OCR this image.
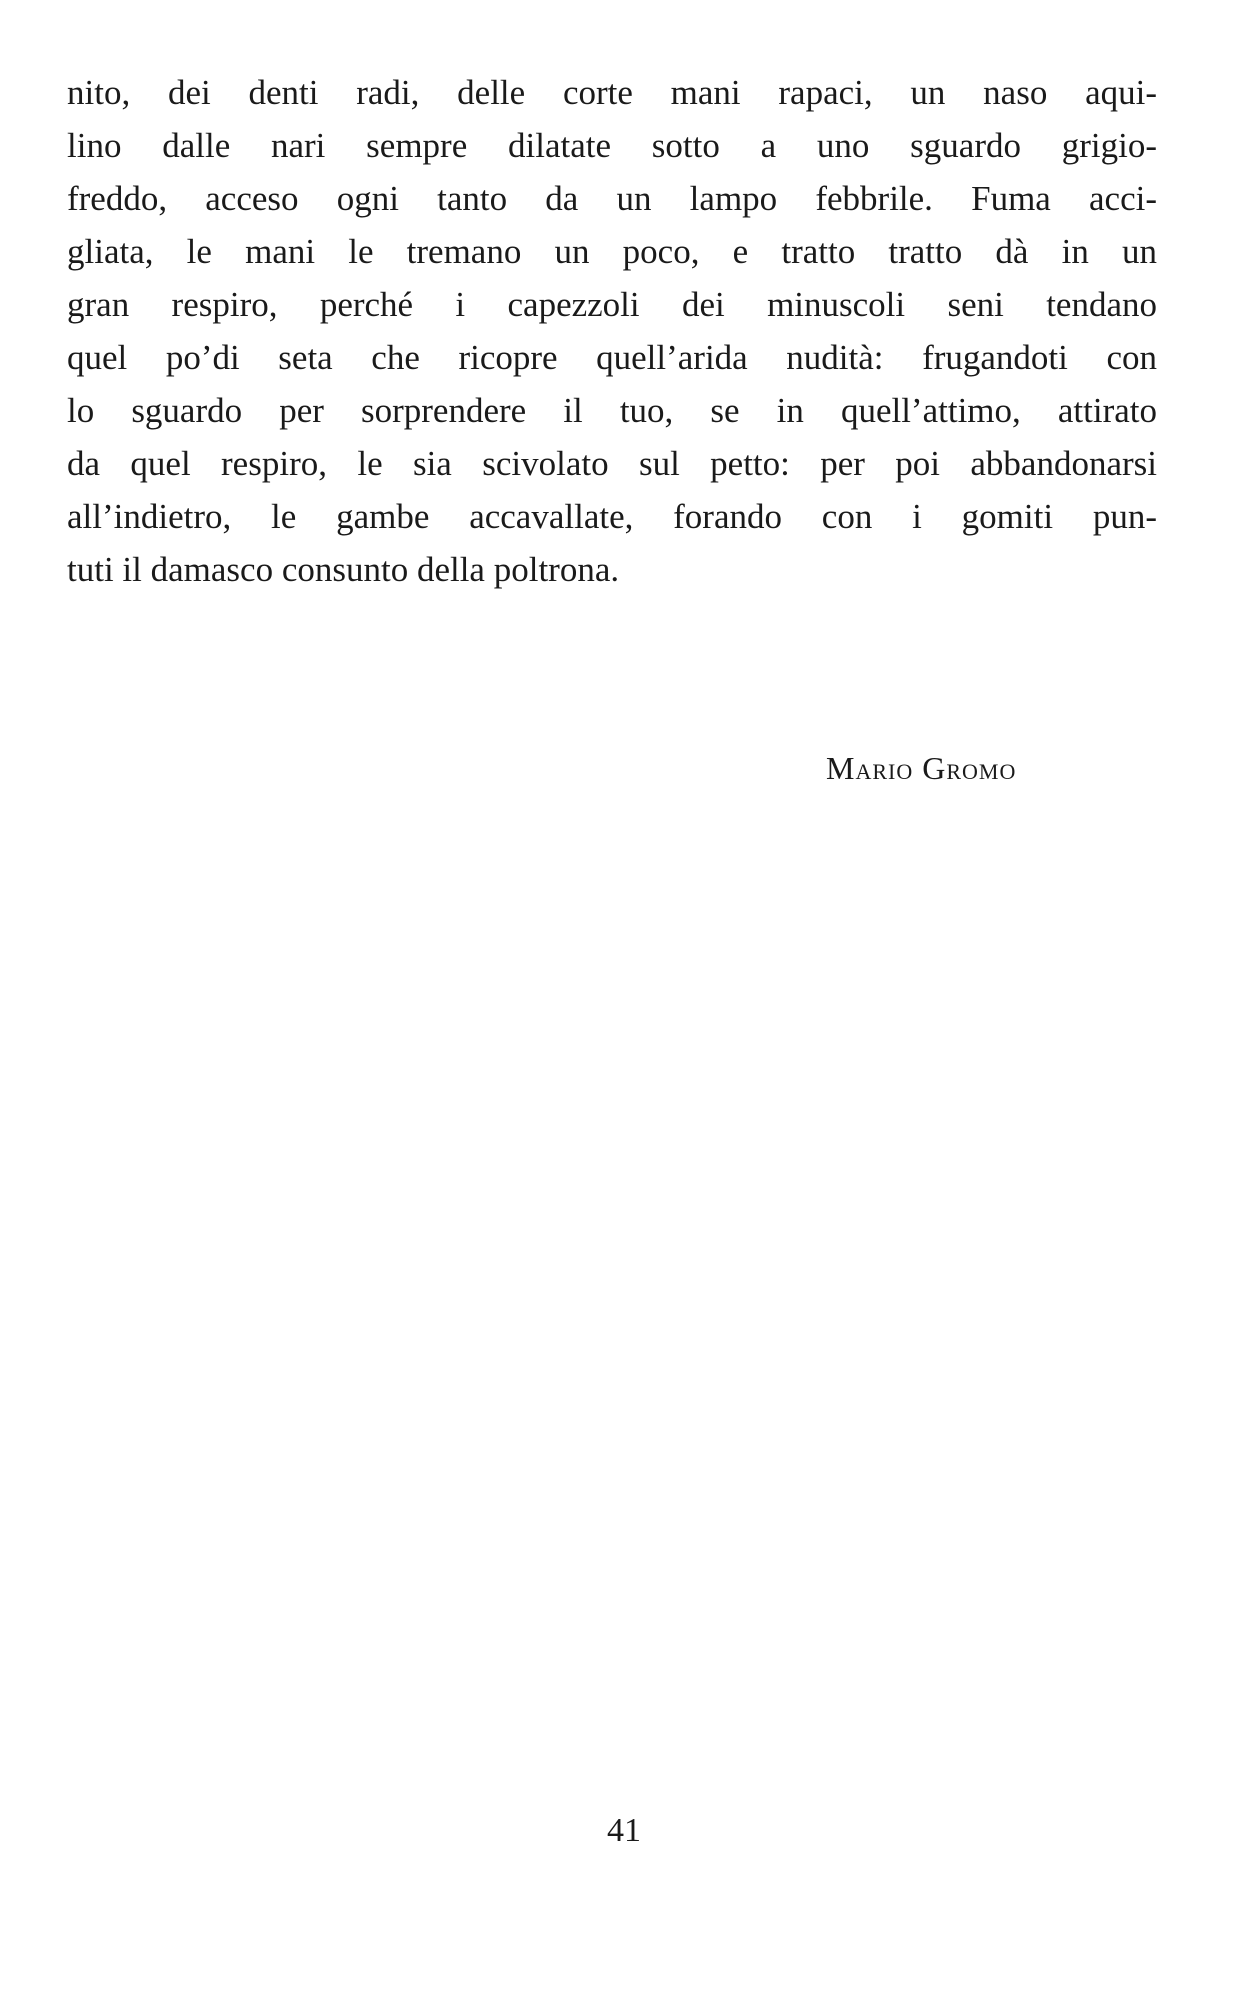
nito, dei denti radi, delle corte mani rapaci, un naso aqui-
lino dalle nari sempre dilatate sotto a uno sguardo grigio-
freddo, acceso ogni tanto da un lampo febbrile. Fuma acci-
gliata, le mani le tremano un poco, e tratto tratto dà in un
gran respiro, perché i capezzoli dei minuscoli seni tendano
quel po’di seta che ricopre quell’arida nudità: frugandoti con
lo sguardo per sorprendere il tuo, se in quell’attimo, attirato
da quel respiro, le sia scivolato sul petto: per poi abbandonarsi
all’indietro, le gambe accavallate, forando con i gomiti pun-
tuti il damasco consunto della poltrona.
Mario Gromo
41
